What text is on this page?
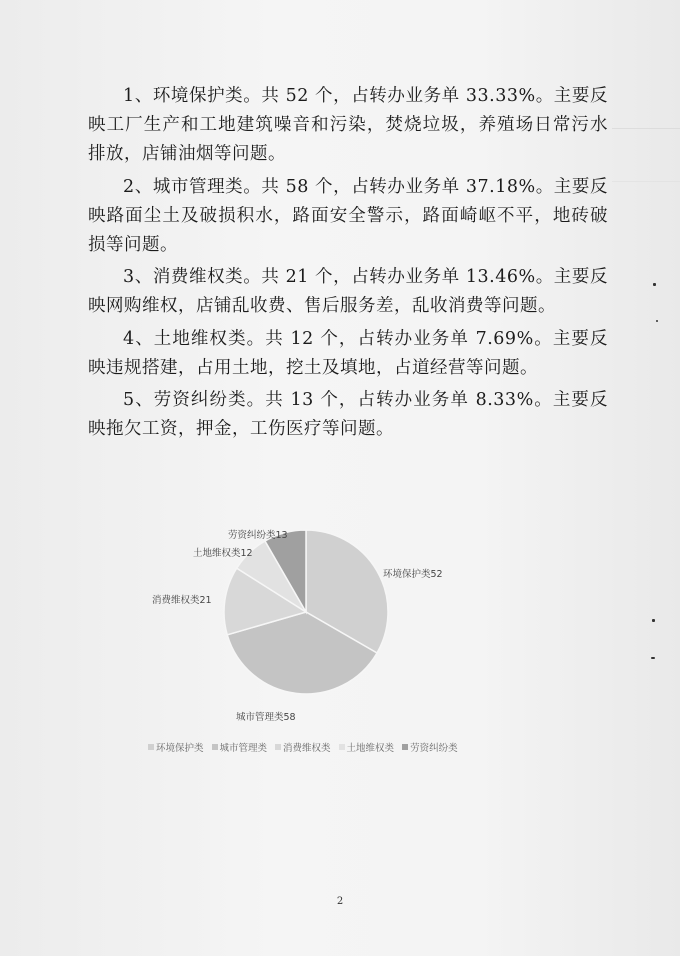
1、环境保护类。共 52 个，占转办业务单 33.33%。主要反映工厂生产和工地建筑噪音和污染，焚烧垃圾，养殖场日常污水排放，店铺油烟等问题。

2、城市管理类。共 58 个，占转办业务单 37.18%。主要反映路面尘土及破损积水，路面安全警示，路面崎岖不平，地砖破损等问题。

3、消费维权类。共 21 个，占转办业务单 13.46%。主要反映网购维权，店铺乱收费、售后服务差，乱收消费等问题。

4、土地维权类。共 12 个，占转办业务单 7.69%。主要反映违规搭建，占用土地，挖土及填地，占道经营等问题。

5、劳资纠纷类。共 13 个，占转办业务单 8.33%。主要反映拖欠工资，押金，工伤医疗等问题。

环境保护类52
城市管理类58
消费维权类21
土地维权类12
劳资纠纷类13
环境保护类 城市管理类 消费维权类 土地维权类 劳资纠纷类
2
